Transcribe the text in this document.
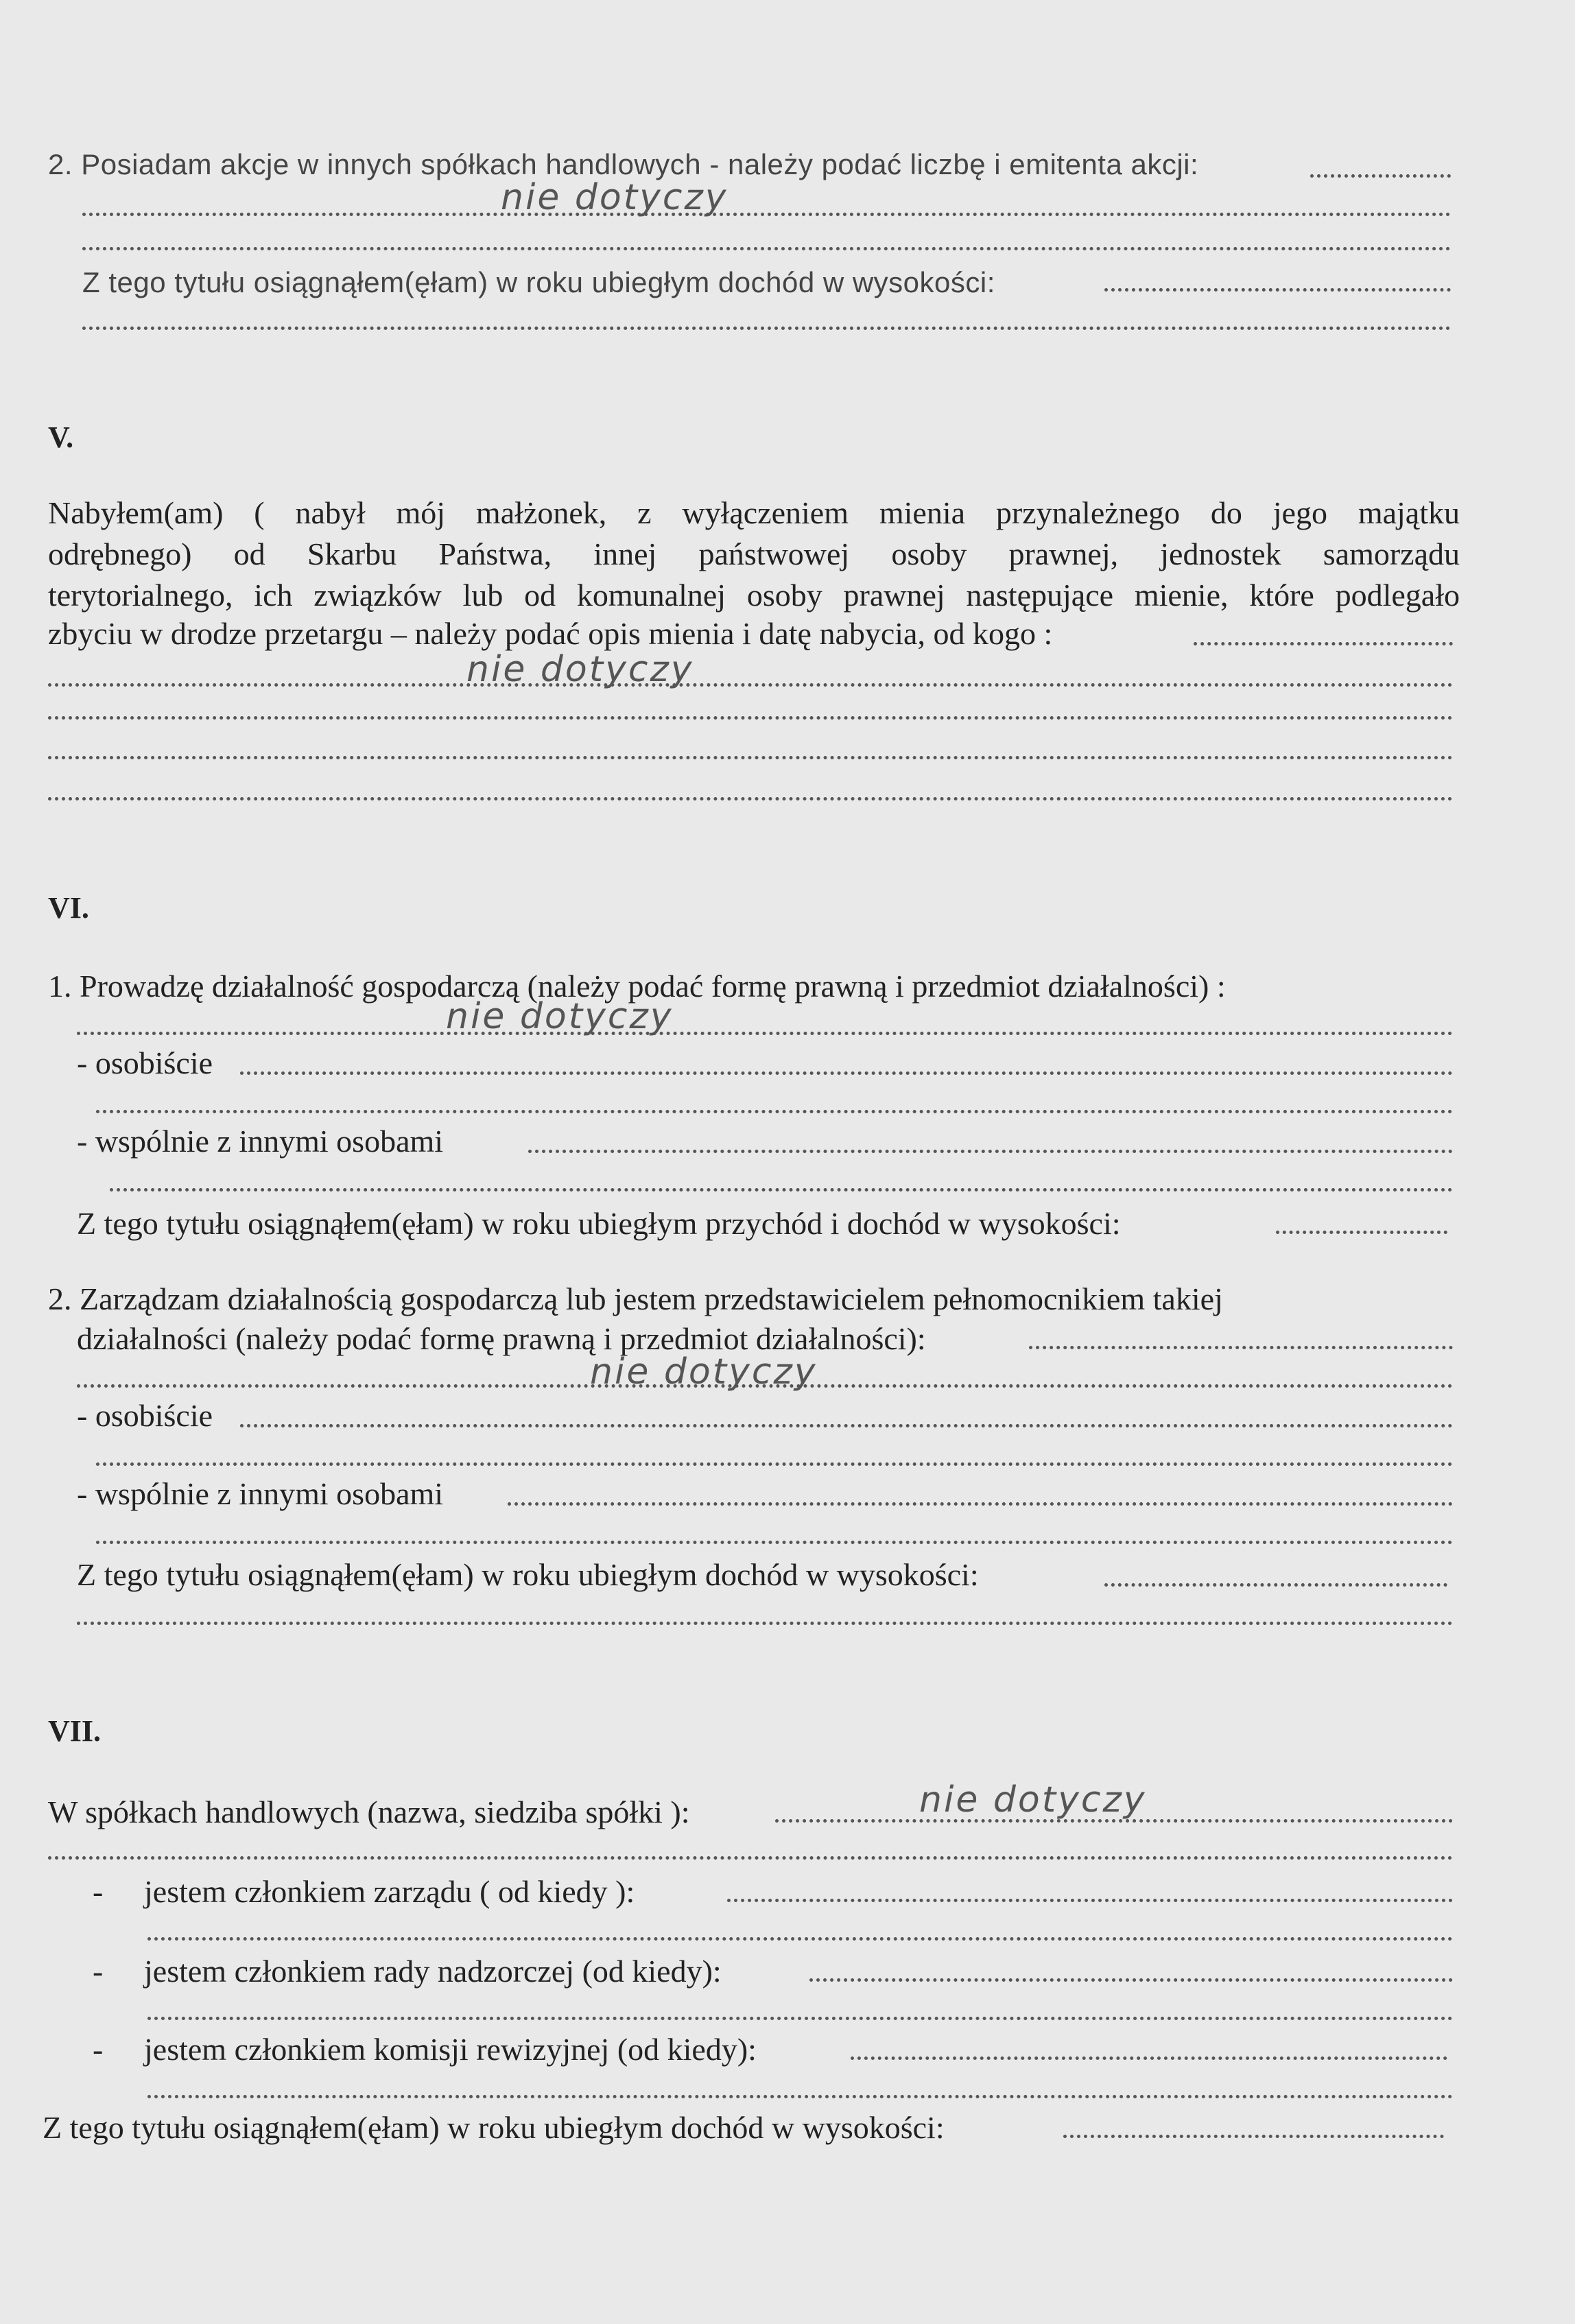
2. Posiadam akcje w innych spółkach handlowych - należy podać liczbę i emitenta akcji:
nie dotyczy
Z tego tytułu osiągnąłem(ęłam) w roku ubiegłym dochód w wysokości:
V.
Nabyłem(am) ( nabył mój małżonek, z wyłączeniem mienia przynależnego do jego majątku
odrębnego) od Skarbu Państwa, innej państwowej osoby prawnej, jednostek samorządu
terytorialnego, ich związków lub od komunalnej osoby prawnej następujące mienie, które podlegało
zbyciu w drodze przetargu – należy podać opis mienia i datę nabycia, od kogo :
nie dotyczy
VI.
1. Prowadzę działalność gospodarczą (należy podać formę prawną i przedmiot działalności) :
nie dotyczy
- osobiście
- wspólnie z innymi osobami
Z tego tytułu osiągnąłem(ęłam) w roku ubiegłym przychód i dochód w wysokości:
2. Zarządzam działalnością gospodarczą lub jestem przedstawicielem pełnomocnikiem takiej
działalności (należy podać formę prawną i przedmiot działalności):
nie dotyczy
- osobiście
- wspólnie z innymi osobami
Z tego tytułu osiągnąłem(ęłam) w roku ubiegłym dochód w wysokości:
VII.
W spółkach handlowych (nazwa, siedziba spółki ):	nie dotyczy
- jestem członkiem zarządu ( od kiedy ):
- jestem członkiem rady nadzorczej (od kiedy):
- jestem członkiem komisji rewizyjnej (od kiedy):
Z tego tytułu osiągnąłem(ęłam) w roku ubiegłym dochód w wysokości:
